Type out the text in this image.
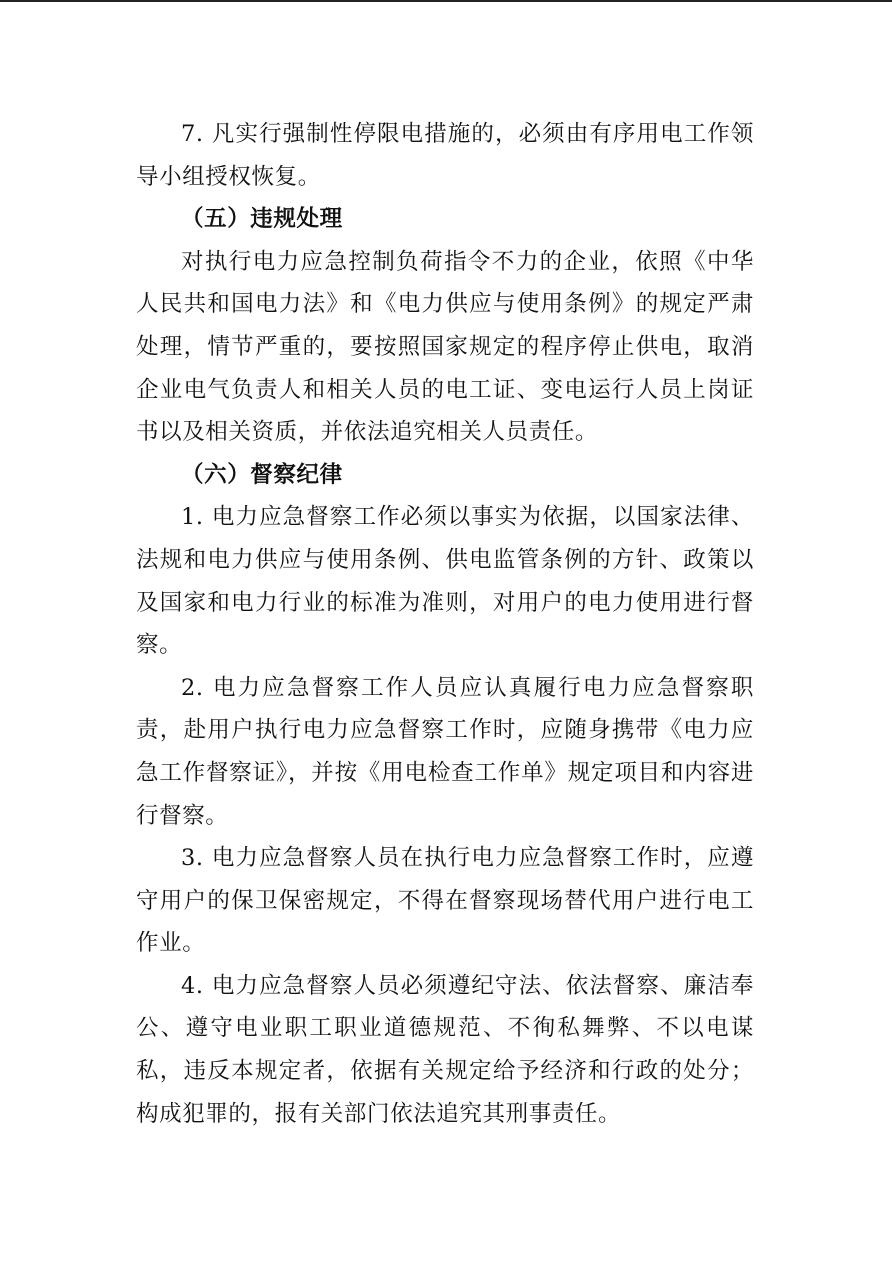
7. 凡实行强制性停限电措施的，必须由有序用电工作领导小组授权恢复。

（五）违规处理

对执行电力应急控制负荷指令不力的企业，依照《中华人民共和国电力法》和《电力供应与使用条例》的规定严肃处理，情节严重的，要按照国家规定的程序停止供电，取消企业电气负责人和相关人员的电工证、变电运行人员上岗证书以及相关资质，并依法追究相关人员责任。

（六）督察纪律

1. 电力应急督察工作必须以事实为依据，以国家法律、法规和电力供应与使用条例、供电监管条例的方针、政策以及国家和电力行业的标准为准则，对用户的电力使用进行督察。

2. 电力应急督察工作人员应认真履行电力应急督察职责，赴用户执行电力应急督察工作时，应随身携带《电力应急工作督察证》，并按《用电检查工作单》规定项目和内容进行督察。

3. 电力应急督察人员在执行电力应急督察工作时，应遵守用户的保卫保密规定，不得在督察现场替代用户进行电工作业。

4. 电力应急督察人员必须遵纪守法、依法督察、廉洁奉公、遵守电业职工职业道德规范、不徇私舞弊、不以电谋私，违反本规定者，依据有关规定给予经济和行政的处分；构成犯罪的，报有关部门依法追究其刑事责任。
